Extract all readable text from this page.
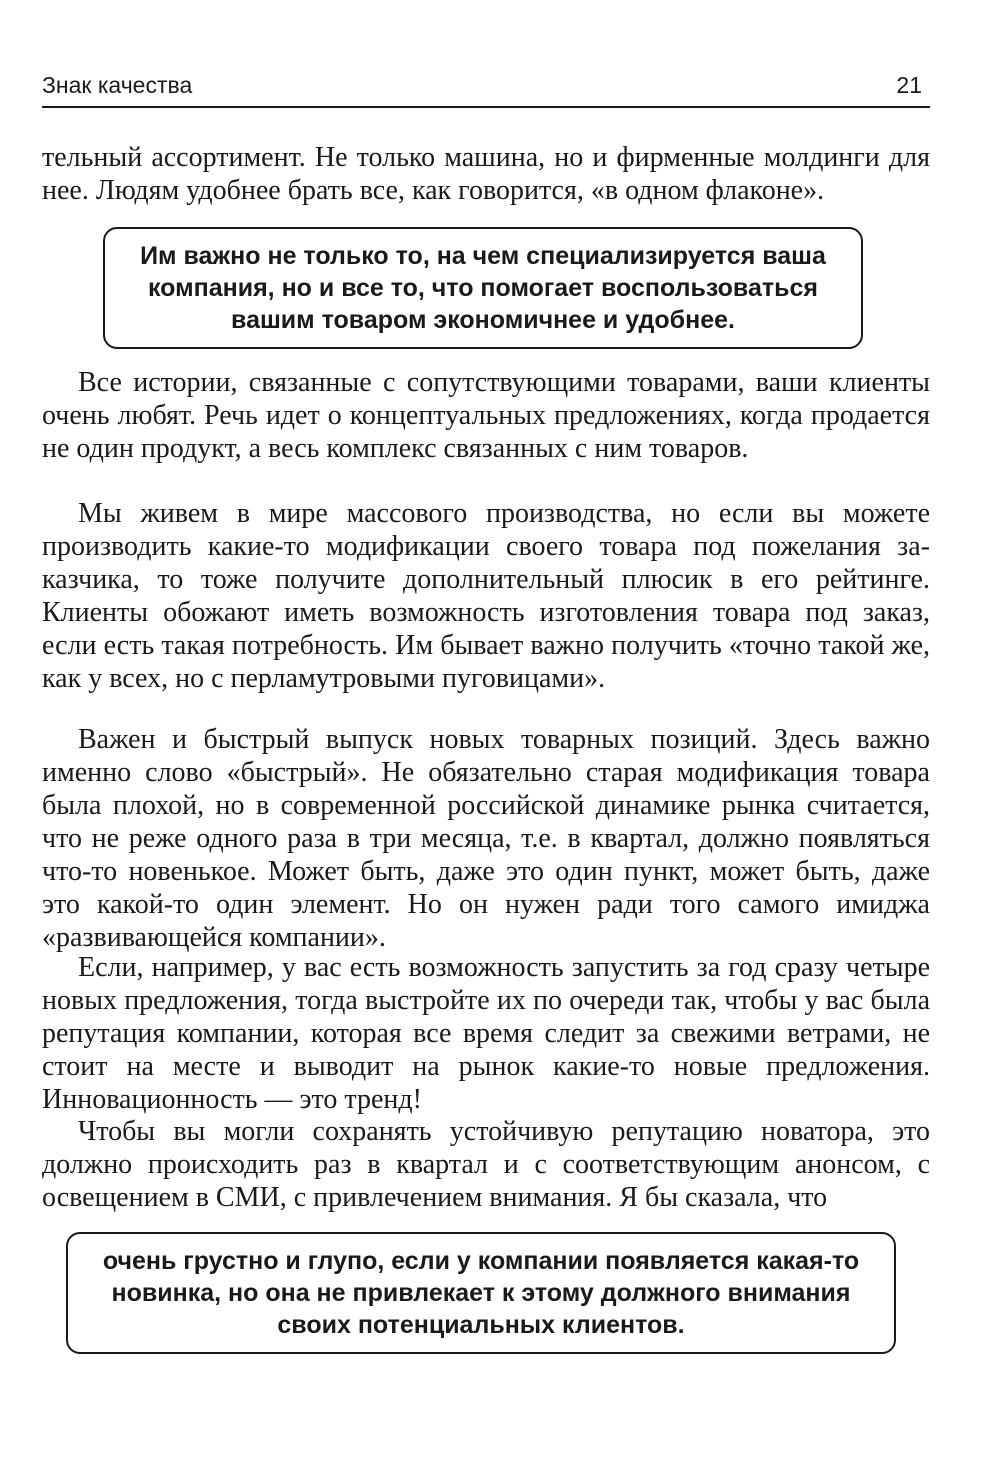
Знак качества	21

тельный ассортимент. Не только машина, но и фирменные молдинги для нее. Людям удобнее брать все, как говорится, «в одном флаконе».

Им важно не только то, на чем специализируется ваша компания, но и все то, что помогает воспользоваться вашим товаром экономичнее и удобнее.

Все истории, связанные с сопутствующими товарами, ваши клиенты очень любят. Речь идет о концептуальных предложениях, когда продается не один продукт, а весь комплекс связанных с ним товаров.

Мы живем в мире массового производства, но если вы можете производить какие-то модификации своего товара под пожелания заказчика, то тоже получите дополнительный плюсик в его рейтинге. Клиенты обожают иметь возможность изготовления товара под заказ, если есть такая потребность. Им бывает важно получить «точно такой же, как у всех, но с перламутровыми пуговицами».

Важен и быстрый выпуск новых товарных позиций. Здесь важно именно слово «быстрый». Не обязательно старая модификация товара была плохой, но в современной российской динамике рынка считается, что не реже одного раза в три месяца, т.е. в квартал, должно появляться что-то новенькое. Может быть, даже это один пункт, может быть, даже это какой-то один элемент. Но он нужен ради того самого имиджа «развивающейся компании».

Если, например, у вас есть возможность запустить за год сразу четыре новых предложения, тогда выстройте их по очереди так, чтобы у вас была репутация компании, которая все время следит за свежими ветрами, не стоит на месте и выводит на рынок какие-то новые предложения. Инновационность — это тренд!

Чтобы вы могли сохранять устойчивую репутацию новатора, это должно происходить раз в квартал и с соответствующим анонсом, с освещением в СМИ, с привлечением внимания. Я бы сказала, что

очень грустно и глупо, если у компании появляется какая-то новинка, но она не привлекает к этому должного внимания своих потенциальных клиентов.
